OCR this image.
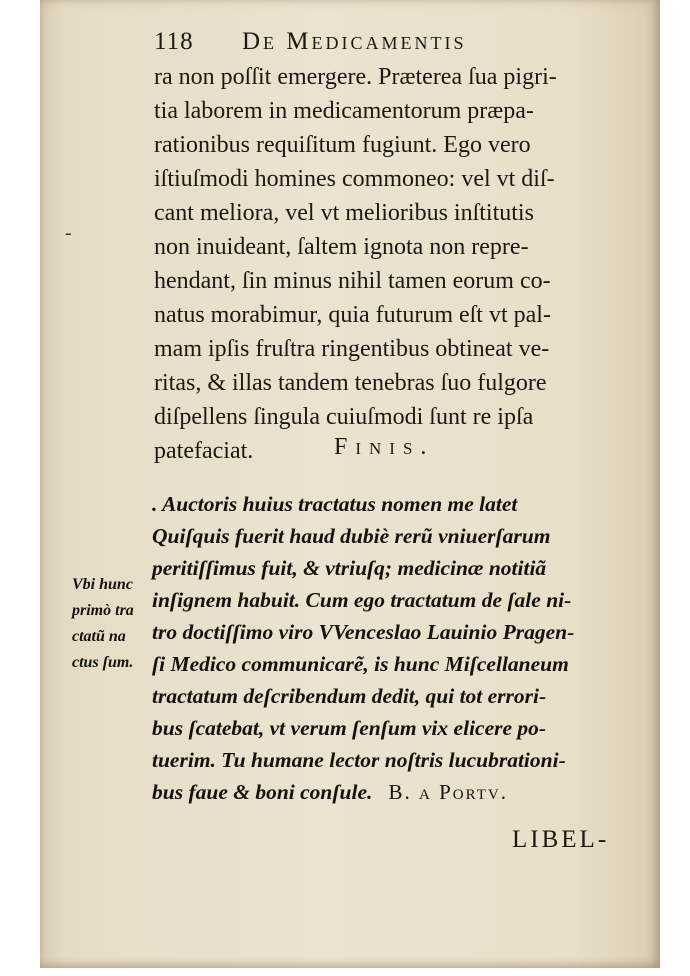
118 De Medicamentis
ra non poſſit emergere. Præterea ſua pigri-
tia laborem in medicamentorum præpa-
rationibus requiſitum fugiunt. Ego vero
iſtiuſmodi homines commoneo: vel vt diſ-
cant meliora, vel vt melioribus inſtitutis
non inuideant, ſaltem ignota non repre-
hendant, ſin minus nihil tamen eorum co-
natus morabimur, quia futurum eſt vt pal-
mam ipſis fruſtra ringentibus obtineat ve-
ritas, & illas tandem tenebras ſuo fulgore
diſpellens ſingula cuiuſmodi ſunt re ipſa
patefaciat.
-
Finis.
Vbi hunc
primò tra
ctatũ na
ctus ſum.
. Auctoris huius tractatus nomen me latet
Quiſquis fuerit haud dubiè rerũ vniuerſarum
peritiſſimus fuit, & vtriuſq; medicinæ notitiã
inſignem habuit. Cum ego tractatum de ſale ni-
tro doctiſſimo viro VVenceslao Lauinio Pragen-
ſi Medico communicarẽ, is hunc Miſcellaneum
tractatum deſcribendum dedit, qui tot errori-
bus ſcatebat, vt verum ſenſum vix elicere po-
tuerim. Tu humane lector noſtris lucubrationi-
bus faue & boni conſule. B. a Portv.
LIBEL-
